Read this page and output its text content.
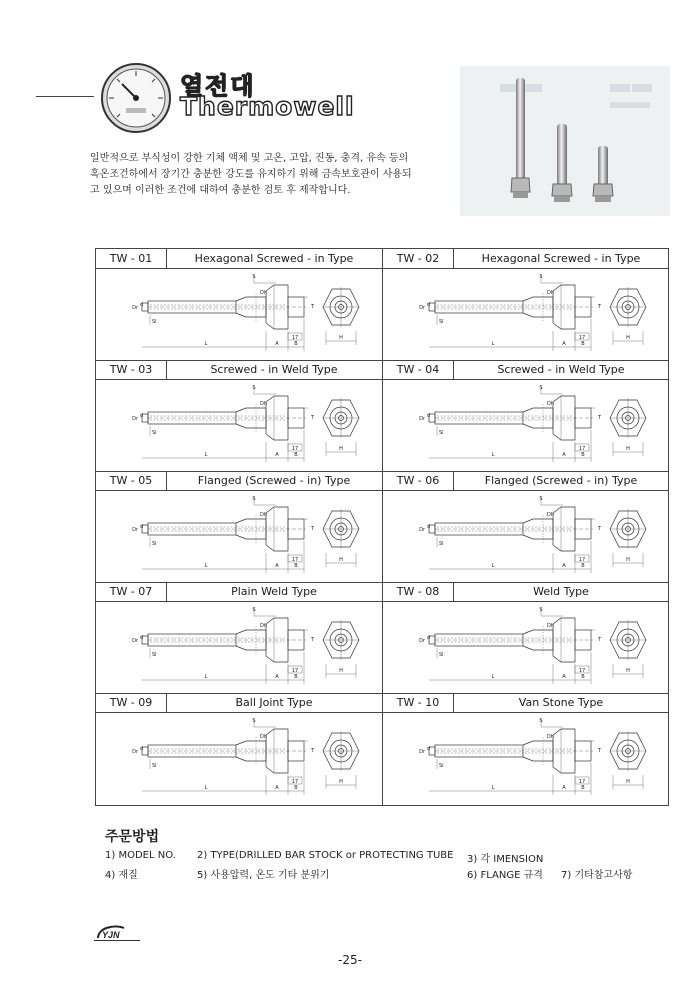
열전대
Thermowell
일반적으로 부식성이 강한 기체 액체 및 고온, 고압, 진동, 충격, 유속 등의
혹온조건하에서 장기간 충분한 강도를 유지하기 위해 금속보호관이 사용되
고 있으며 이러한 조건에 대하여 충분한 검토 후 제작합니다.
TW - 01	Hexagonal Screwed - in Type
S
Dr d
Dh
T
17
L	A	B
H
Sl
TW - 02	Hexagonal Screwed - in Type
S
Dr d
Dh
T
17
L	A	B
H
Sl
TW - 03	Screwed - in Weld Type
S
Dr d
Dh
T
17
L	A	B
H
Sl
TW - 04	Screwed - in Weld Type
S
Dr d
Dh
T
17
L	A	B
H
Sl
TW - 05	Flanged (Screwed - in) Type
S
Dr d
Dh
T
17
L	A	B
H
Sl
TW - 06	Flanged (Screwed - in) Type
S
Dr d
Dh
T
17
L	A	B
H
Sl
TW - 07	Plain Weld Type
S
Dr d
Dh
T
17
L	A	B
H
Sl
TW - 08	Weld Type
S
Dr d
Dh
T
17
L	A	B
H
Sl
TW - 09	Ball Joint Type
S
Dr d
Dh
T
17
L	A	B
H
Sl
TW - 10	Van Stone Type
S
Dr d
Dh
T
17
L	A	B
H
Sl
주문방법
1) MODEL NO. 2) TYPE(DRILLED BAR STOCK or PROTECTING TUBE 3) 각 IMENSION
4) 재질	5) 사용압력, 온도 기타 분위기	6) FLANGE 규격 7) 기타참고사항
YJN
-25-
